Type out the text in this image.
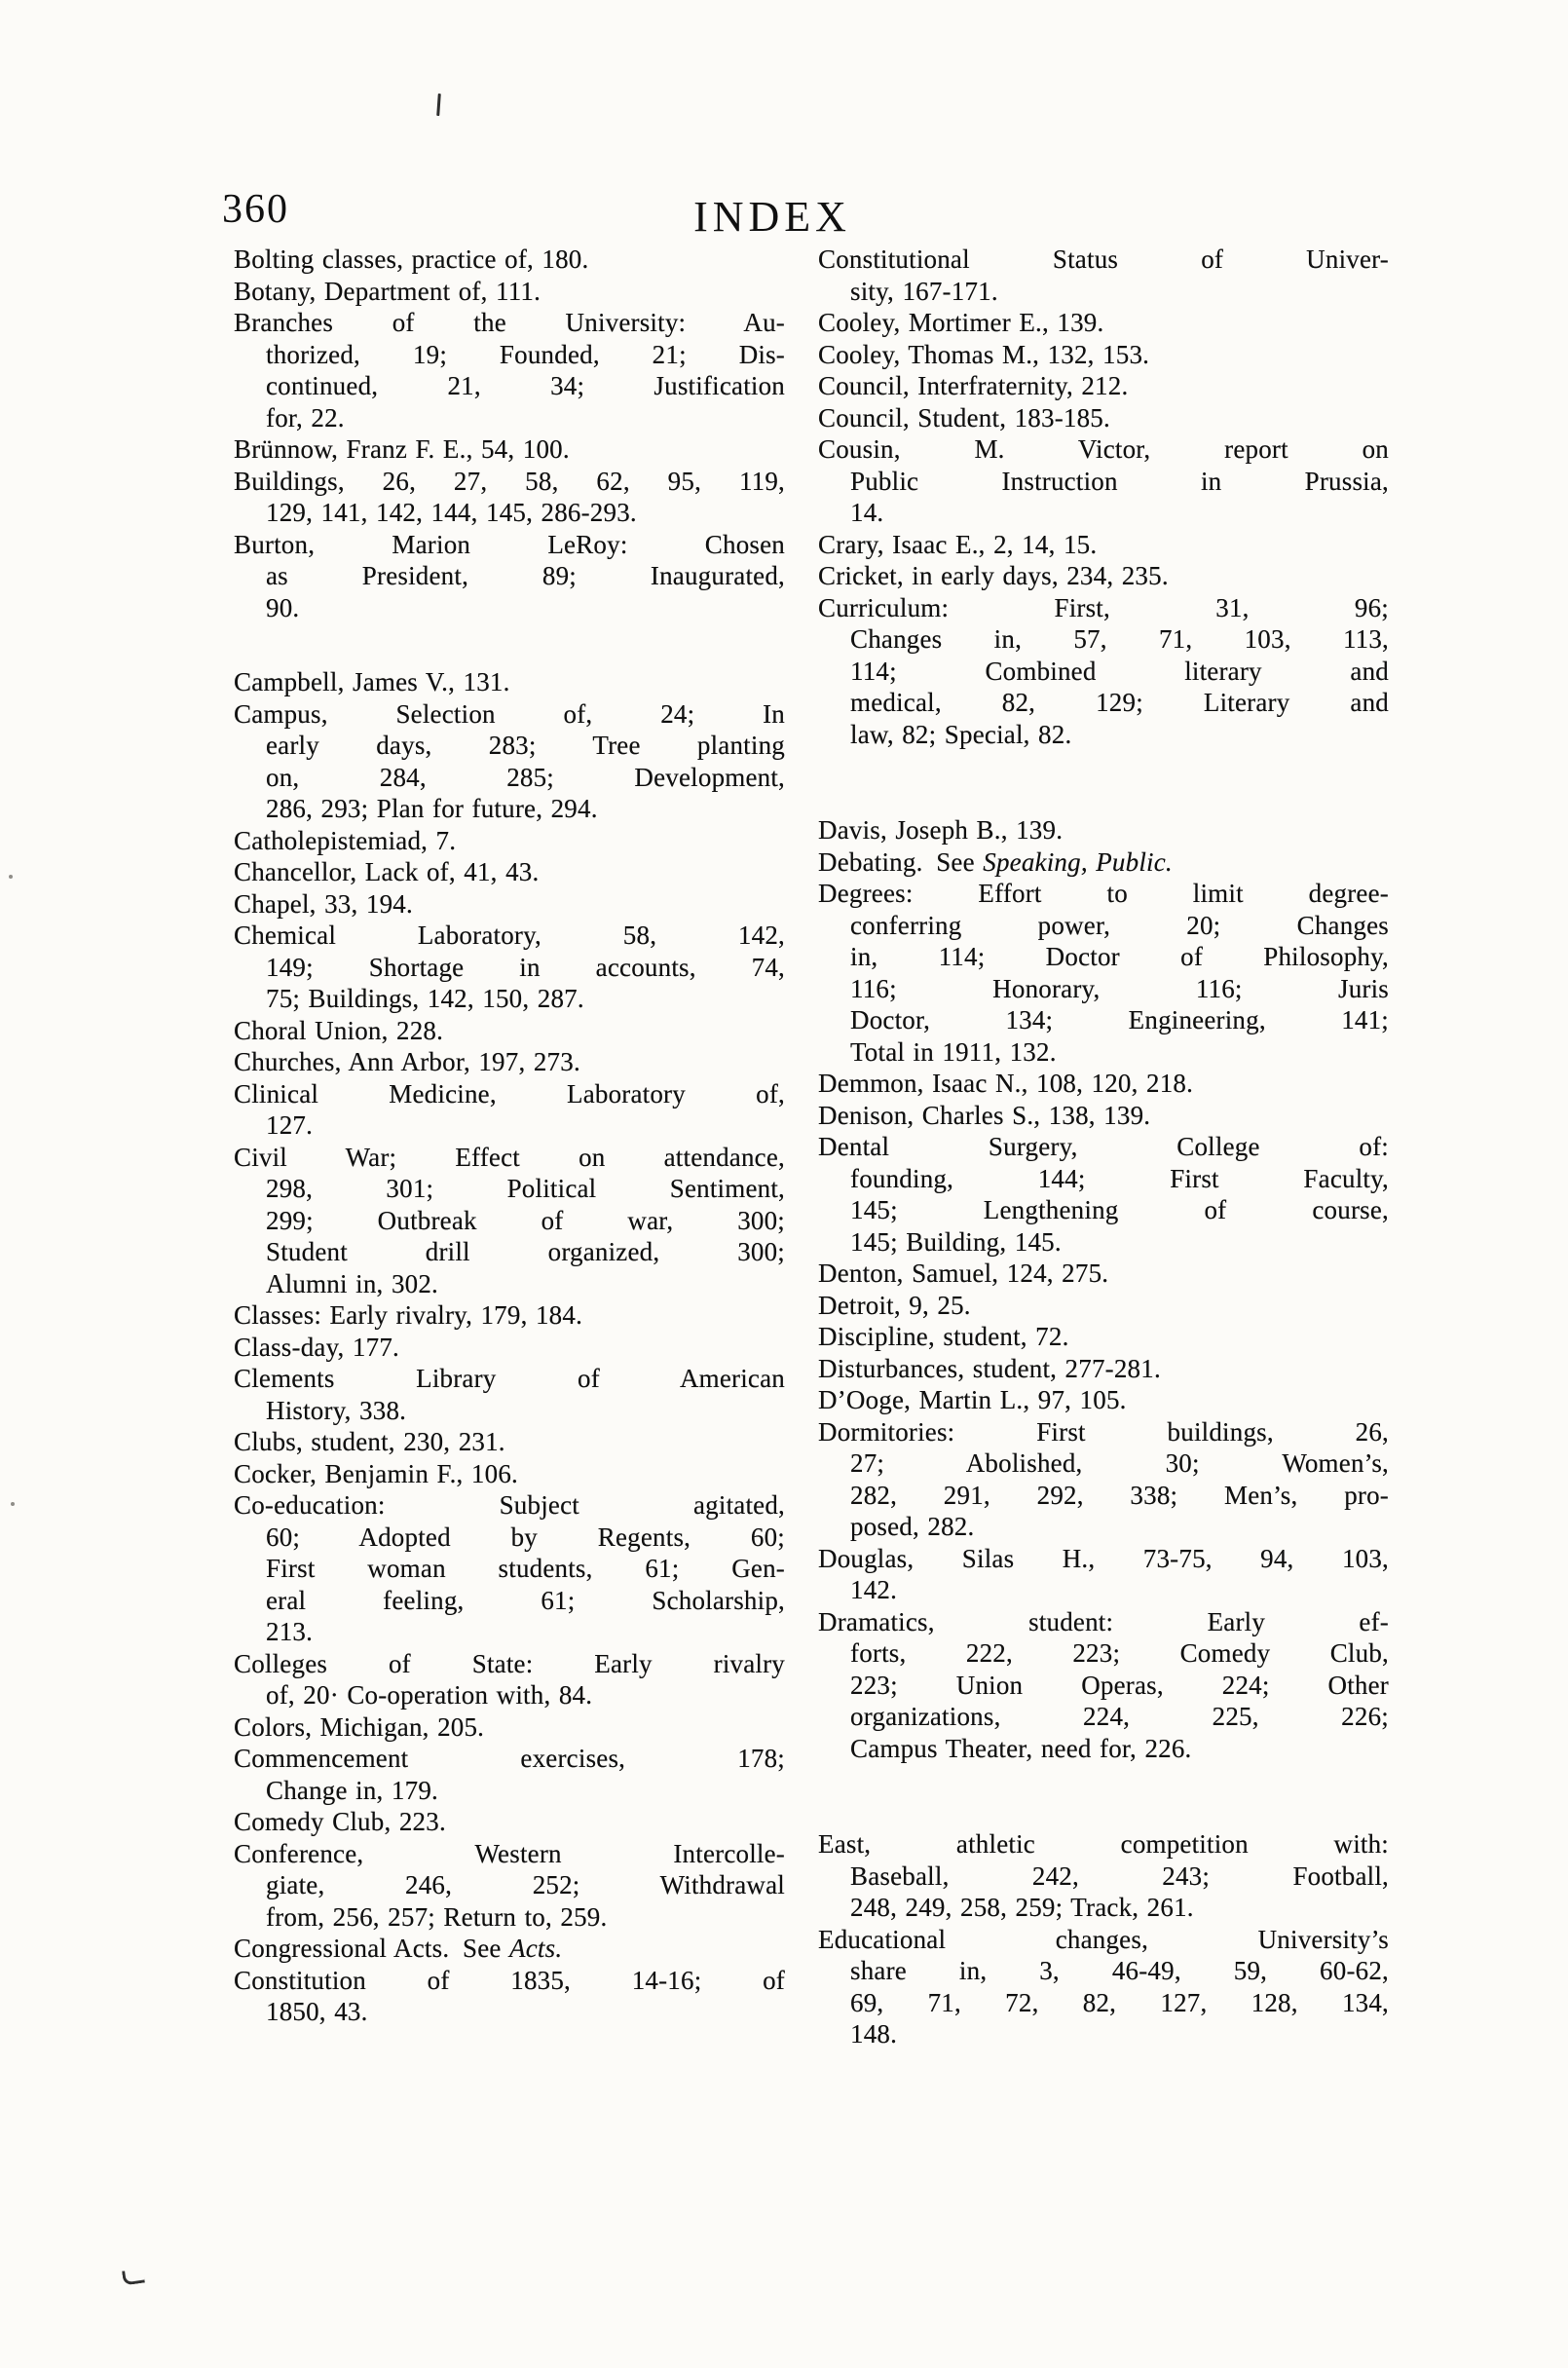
360	INDEX
Bolting classes, practice of, 180.
Botany, Department of, 111.
Branches of the University: Au-
thorized, 19; Founded, 21; Dis-
continued, 21, 34; Justification
for, 22.
Brünnow, Franz F. E., 54, 100.
Buildings, 26, 27, 58, 62, 95, 119,
129, 141, 142, 144, 145, 286-293.
Burton, Marion LeRoy: Chosen
as President, 89; Inaugurated,
90.
Campbell, James V., 131.
Campus, Selection of, 24; In
early days, 283; Tree planting
on, 284, 285; Development,
286, 293; Plan for future, 294.
Catholepistemiad, 7.
Chancellor, Lack of, 41, 43.
Chapel, 33, 194.
Chemical Laboratory, 58, 142,
149; Shortage in accounts, 74,
75; Buildings, 142, 150, 287.
Choral Union, 228.
Churches, Ann Arbor, 197, 273.
Clinical Medicine, Laboratory of,
127.
Civil War; Effect on attendance,
298, 301; Political Sentiment,
299; Outbreak of war, 300;
Student drill organized, 300;
Alumni in, 302.
Classes: Early rivalry, 179, 184.
Class-day, 177.
Clements Library of American
History, 338.
Clubs, student, 230, 231.
Cocker, Benjamin F., 106.
Co-education: Subject agitated,
60; Adopted by Regents, 60;
First woman students, 61; Gen-
eral feeling, 61; Scholarship,
213.
Colleges of State: Early rivalry
of, 20· Co-operation with, 84.
Colors, Michigan, 205.
Commencement exercises, 178;
Change in, 179.
Comedy Club, 223.
Conference, Western Intercolle-
giate, 246, 252; Withdrawal
from, 256, 257; Return to, 259.
Congressional Acts. See Acts.
Constitution of 1835, 14-16; of
1850, 43.
Constitutional Status of Univer-
sity, 167-171.
Cooley, Mortimer E., 139.
Cooley, Thomas M., 132, 153.
Council, Interfraternity, 212.
Council, Student, 183-185.
Cousin, M. Victor, report on
Public Instruction in Prussia,
14.
Crary, Isaac E., 2, 14, 15.
Cricket, in early days, 234, 235.
Curriculum: First, 31, 96;
Changes in, 57, 71, 103, 113,
114; Combined literary and
medical, 82, 129; Literary and
law, 82; Special, 82.
Davis, Joseph B., 139.
Debating. See Speaking, Public.
Degrees: Effort to limit degree-
conferring power, 20; Changes
in, 114; Doctor of Philosophy,
116; Honorary, 116; Juris
Doctor, 134; Engineering, 141;
Total in 1911, 132.
Demmon, Isaac N., 108, 120, 218.
Denison, Charles S., 138, 139.
Dental Surgery, College of:
founding, 144; First Faculty,
145; Lengthening of course,
145; Building, 145.
Denton, Samuel, 124, 275.
Detroit, 9, 25.
Discipline, student, 72.
Disturbances, student, 277-281.
D’Ooge, Martin L., 97, 105.
Dormitories: First buildings, 26,
27; Abolished, 30; Women’s,
282, 291, 292, 338; Men’s, pro-
posed, 282.
Douglas, Silas H., 73-75, 94, 103,
142.
Dramatics, student: Early ef-
forts, 222, 223; Comedy Club,
223; Union Operas, 224; Other
organizations, 224, 225, 226;
Campus Theater, need for, 226.
East, athletic competition with:
Baseball, 242, 243; Football,
248, 249, 258, 259; Track, 261.
Educational changes, University’s
share in, 3, 46-49, 59, 60-62,
69, 71, 72, 82, 127, 128, 134,
148.
